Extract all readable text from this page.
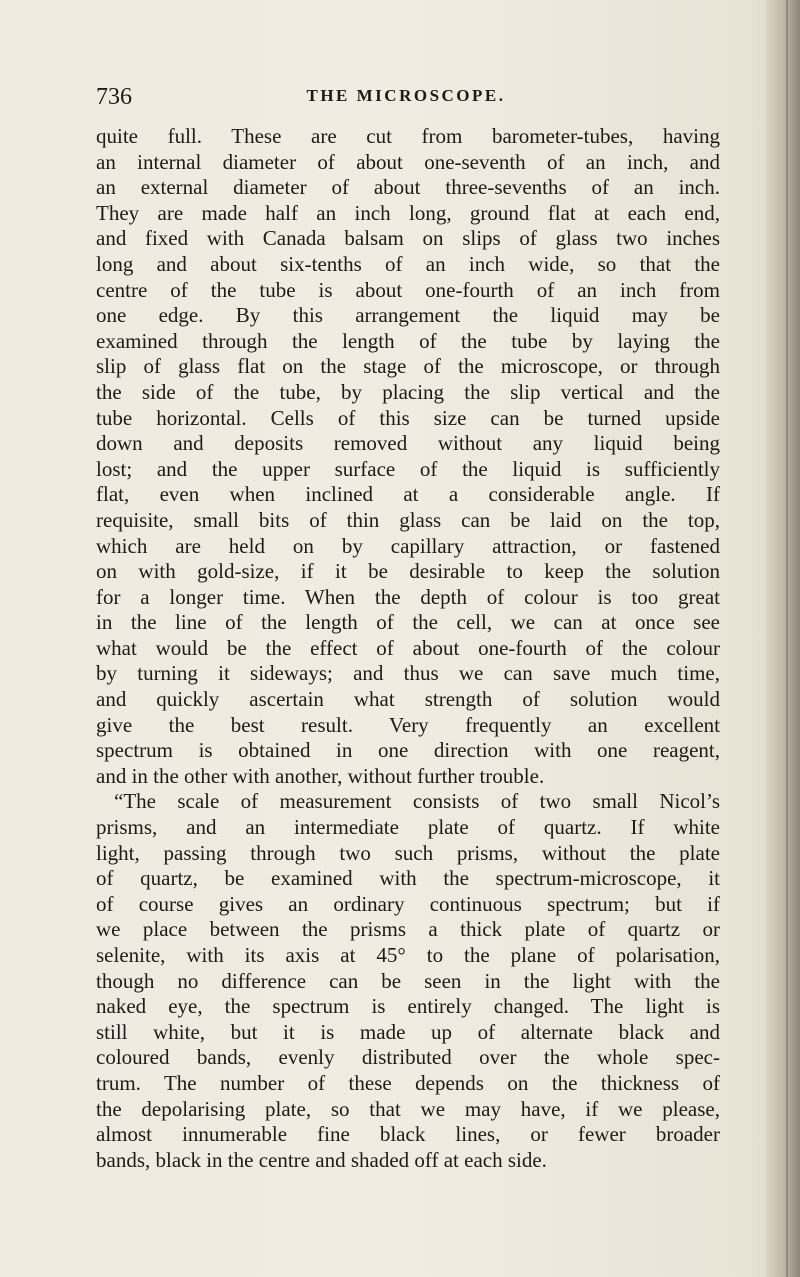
736	THE MICROSCOPE.
quite full. These are cut from barometer-tubes, having
an internal diameter of about one-seventh of an inch, and
an external diameter of about three-sevenths of an inch.
They are made half an inch long, ground flat at each end,
and fixed with Canada balsam on slips of glass two inches
long and about six-tenths of an inch wide, so that the
centre of the tube is about one-fourth of an inch from
one edge. By this arrangement the liquid may be
examined through the length of the tube by laying the
slip of glass flat on the stage of the microscope, or through
the side of the tube, by placing the slip vertical and the
tube horizontal. Cells of this size can be turned upside
down and deposits removed without any liquid being
lost; and the upper surface of the liquid is sufficiently
flat, even when inclined at a considerable angle. If
requisite, small bits of thin glass can be laid on the top,
which are held on by capillary attraction, or fastened
on with gold-size, if it be desirable to keep the solution
for a longer time. When the depth of colour is too great
in the line of the length of the cell, we can at once see
what would be the effect of about one-fourth of the colour
by turning it sideways; and thus we can save much time,
and quickly ascertain what strength of solution would
give the best result. Very frequently an excellent
spectrum is obtained in one direction with one reagent,
and in the other with another, without further trouble.
“The scale of measurement consists of two small Nicol’s
prisms, and an intermediate plate of quartz. If white
light, passing through two such prisms, without the plate
of quartz, be examined with the spectrum-microscope, it
of course gives an ordinary continuous spectrum; but if
we place between the prisms a thick plate of quartz or
selenite, with its axis at 45° to the plane of polarisation,
though no difference can be seen in the light with the
naked eye, the spectrum is entirely changed. The light is
still white, but it is made up of alternate black and
coloured bands, evenly distributed over the whole spec-
trum. The number of these depends on the thickness of
the depolarising plate, so that we may have, if we please,
almost innumerable fine black lines, or fewer broader
bands, black in the centre and shaded off at each side.
